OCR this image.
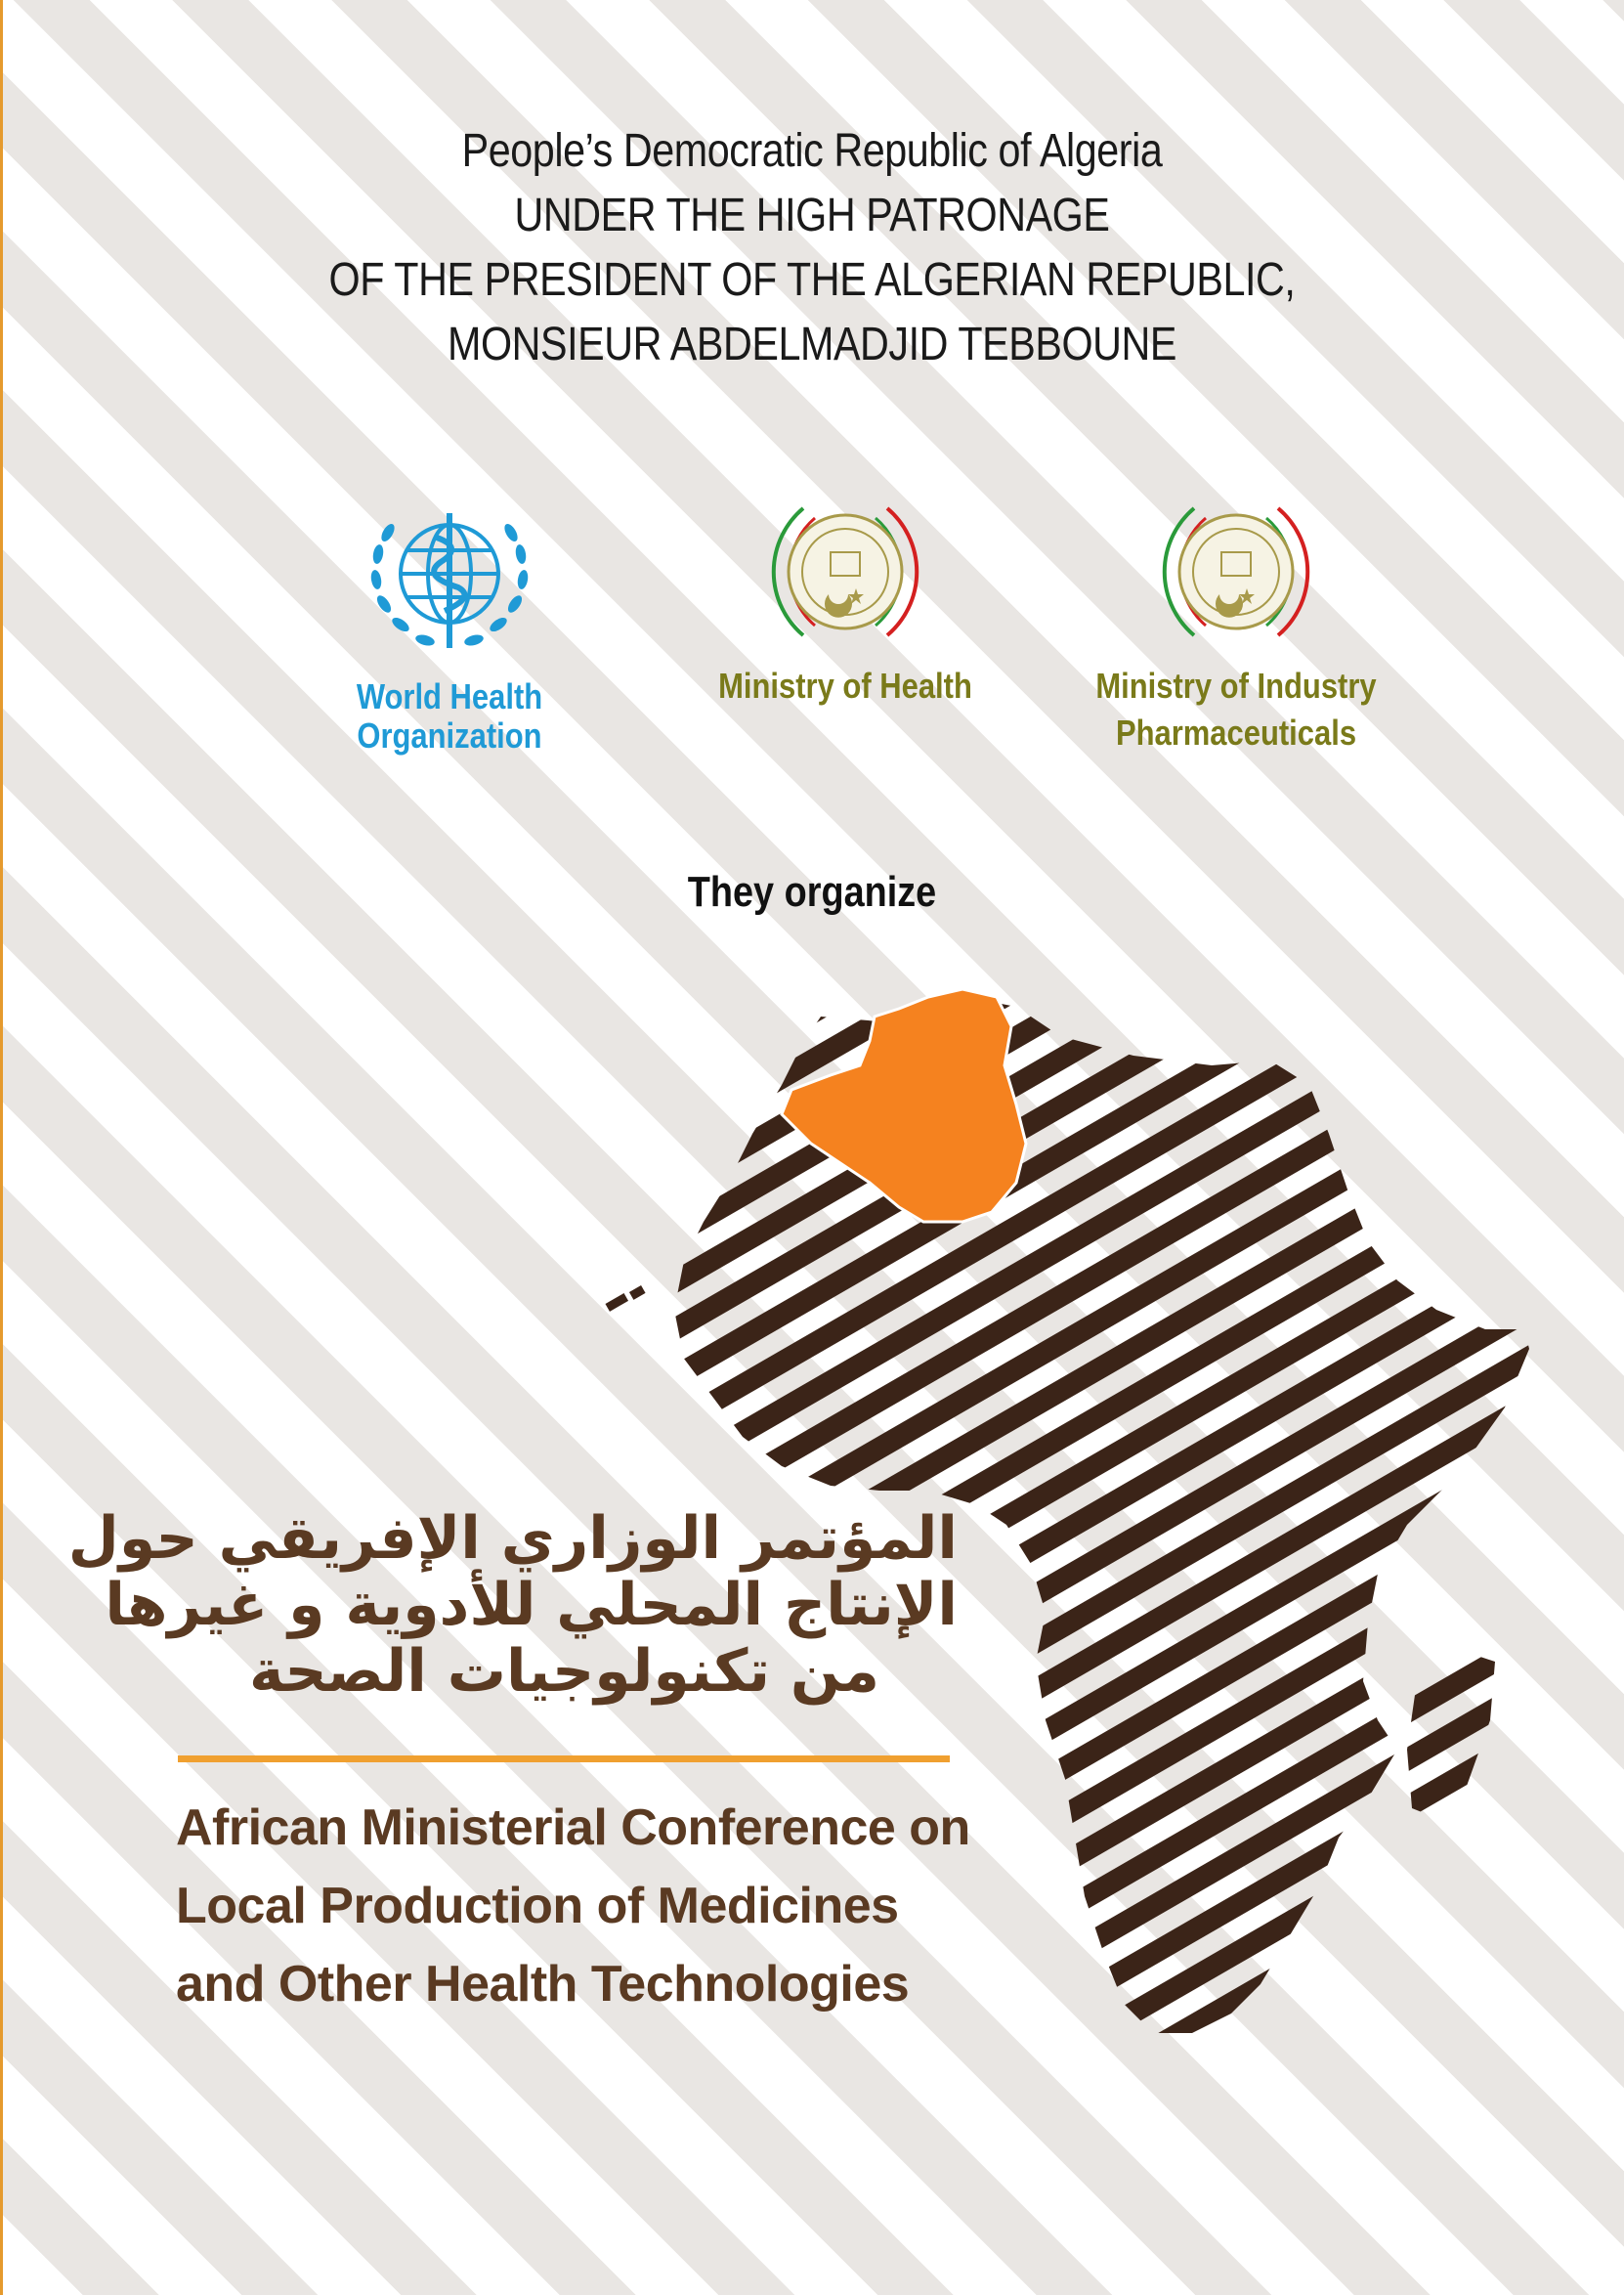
People’s Democratic Republic of Algeria
UNDER THE HIGH PATRONAGE
OF THE PRESIDENT OF THE ALGERIAN REPUBLIC,
MONSIEUR ABDELMADJID TEBBOUNE
World Health
Organization
Ministry of Health	Ministry of Industry
Pharmaceuticals
They organize
المؤتمر الوزاري الإفريقي حول
الإنتاج المحلي للأدوية و غيرها
من تكنولوجيات الصحة
African Ministerial Conference on
Local Production of Medicines
and Other Health Technologies
